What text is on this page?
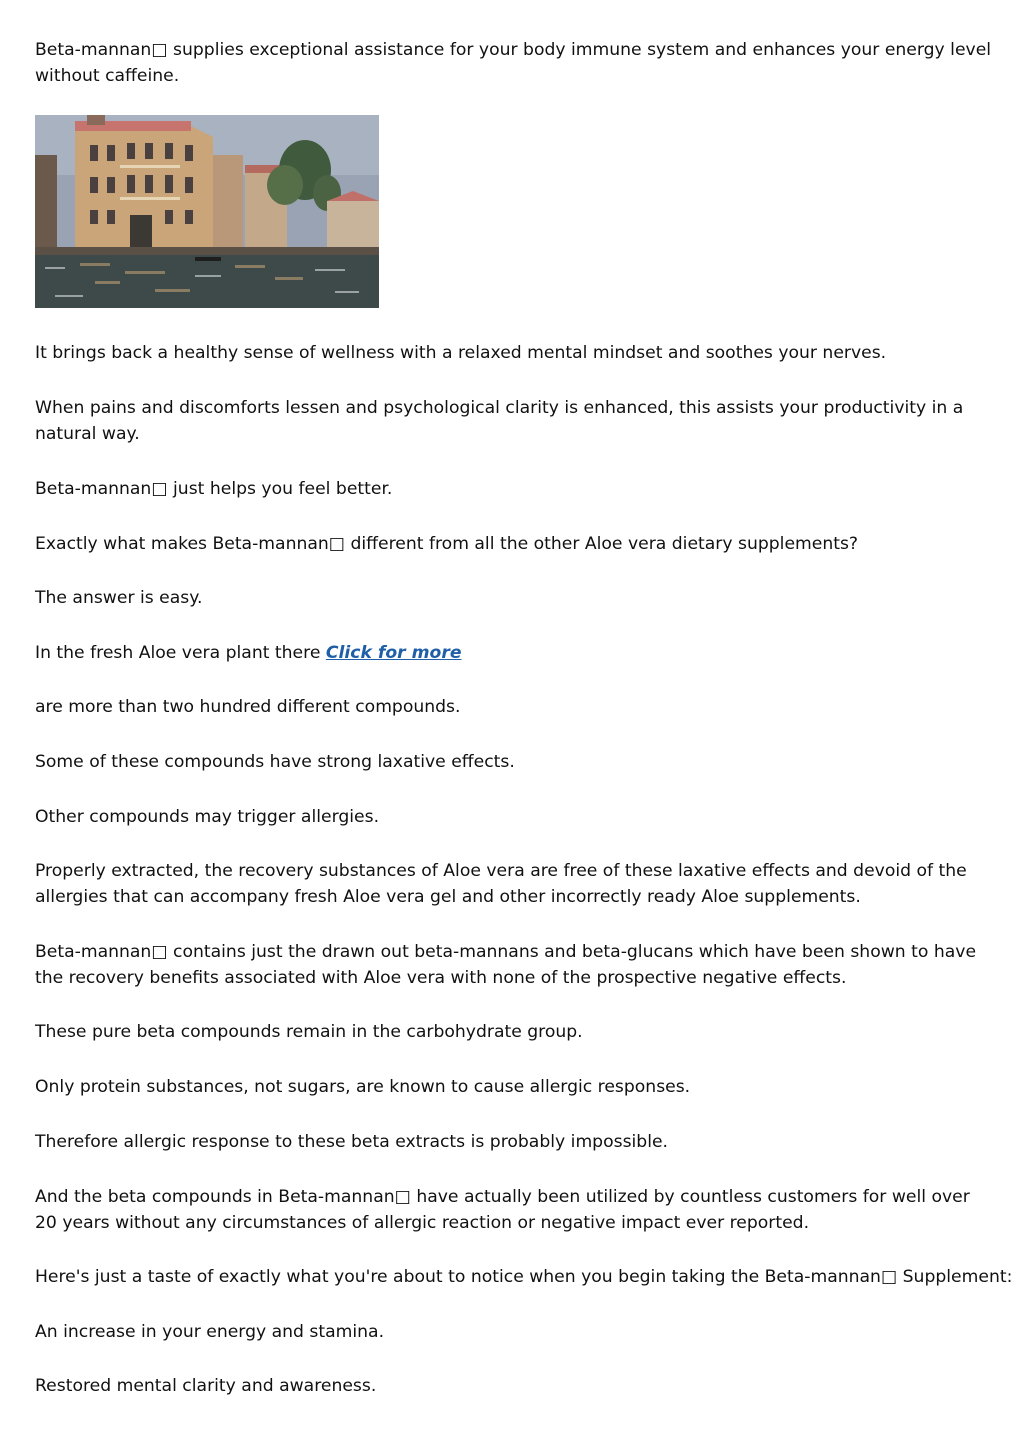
Beta-mannan□ supplies exceptional assistance for your body immune system and enhances your energy level without caffeine.

It brings back a healthy sense of wellness with a relaxed mental mindset and soothes your nerves.

When pains and discomforts lessen and psychological clarity is enhanced, this assists your productivity in a natural way.

Beta-mannan□ just helps you feel better.

Exactly what makes Beta-mannan□ different from all the other Aloe vera dietary supplements?

The answer is easy.

In the fresh Aloe vera plant there Click for more

are more than two hundred different compounds.

Some of these compounds have strong laxative effects.

Other compounds may trigger allergies.

Properly extracted, the recovery substances of Aloe vera are free of these laxative effects and devoid of the allergies that can accompany fresh Aloe vera gel and other incorrectly ready Aloe supplements.

Beta-mannan□ contains just the drawn out beta-mannans and beta-glucans which have been shown to have the recovery benefits associated with Aloe vera with none of the prospective negative effects.

These pure beta compounds remain in the carbohydrate group.

Only protein substances, not sugars, are known to cause allergic responses.

Therefore allergic response to these beta extracts is probably impossible.

And the beta compounds in Beta-mannan□ have actually been utilized by countless customers for well over 20 years without any circumstances of allergic reaction or negative impact ever reported.

Here's just a taste of exactly what you're about to notice when you begin taking the Beta-mannan□ Supplement:

An increase in your energy and stamina.

Restored mental clarity and awareness.
